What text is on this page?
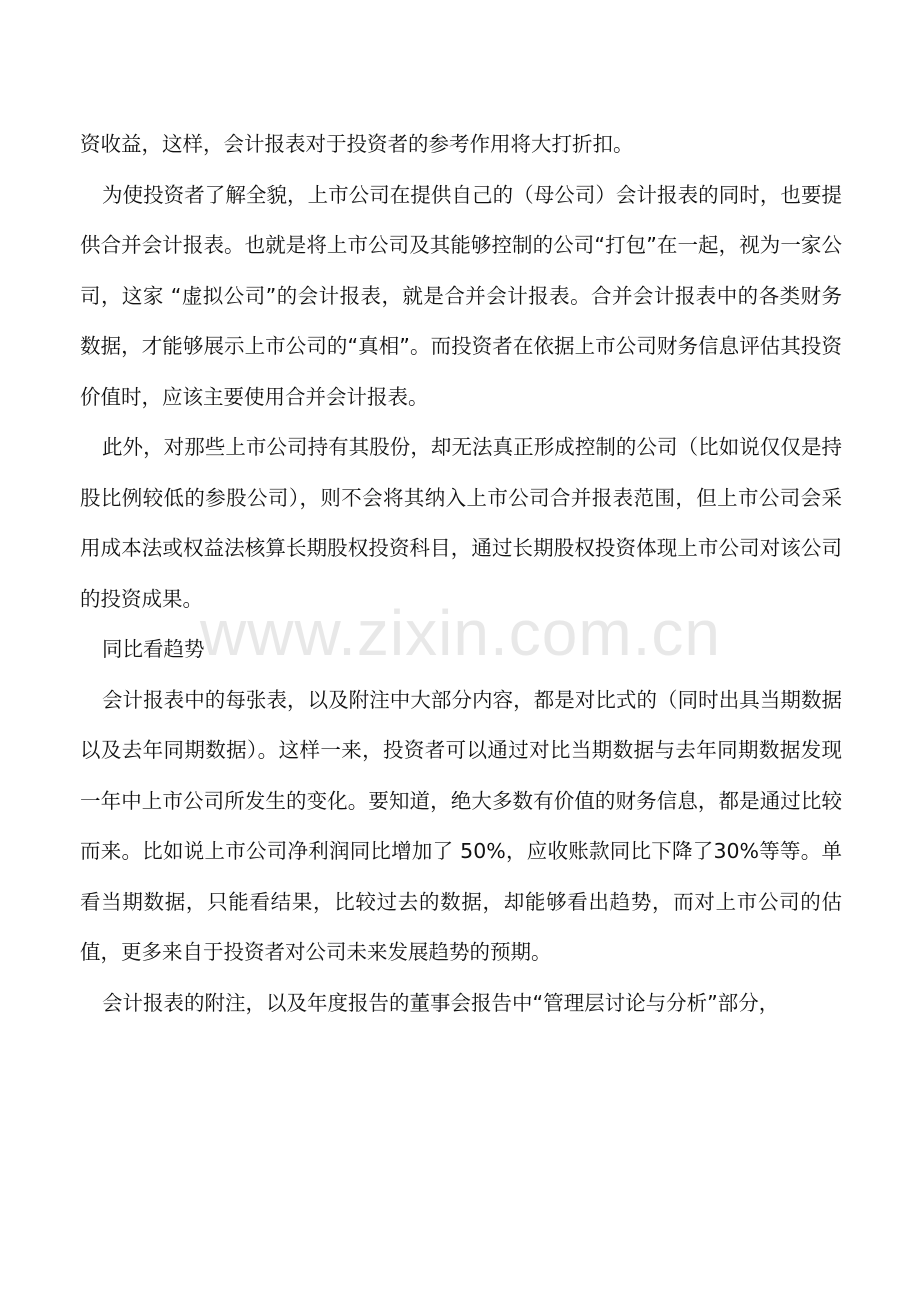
www.zixin.com.cn

资收益，这样，会计报表对于投资者的参考作用将大打折扣。

为使投资者了解全貌，上市公司在提供自己的（母公司）会计报表的同时，也要提供合并会计报表。也就是将上市公司及其能够控制的公司“打包”在一起，视为一家公司，这家 “虚拟公司”的会计报表，就是合并会计报表。合并会计报表中的各类财务数据，才能够展示上市公司的“真相”。而投资者在依据上市公司财务信息评估其投资价值时，应该主要使用合并会计报表。

此外，对那些上市公司持有其股份，却无法真正形成控制的公司（比如说仅仅是持股比例较低的参股公司），则不会将其纳入上市公司合并报表范围，但上市公司会采用成本法或权益法核算长期股权投资科目，通过长期股权投资体现上市公司对该公司的投资成果。

同比看趋势

会计报表中的每张表，以及附注中大部分内容，都是对比式的（同时出具当期数据以及去年同期数据）。这样一来，投资者可以通过对比当期数据与去年同期数据发现一年中上市公司所发生的变化。要知道，绝大多数有价值的财务信息，都是通过比较而来。比如说上市公司净利润同比增加了 50%，应收账款同比下降了30%等等。单看当期数据，只能看结果，比较过去的数据，却能够看出趋势，而对上市公司的估值，更多来自于投资者对公司未来发展趋势的预期。

会计报表的附注，以及年度报告的董事会报告中“管理层讨论与分析”部分，
